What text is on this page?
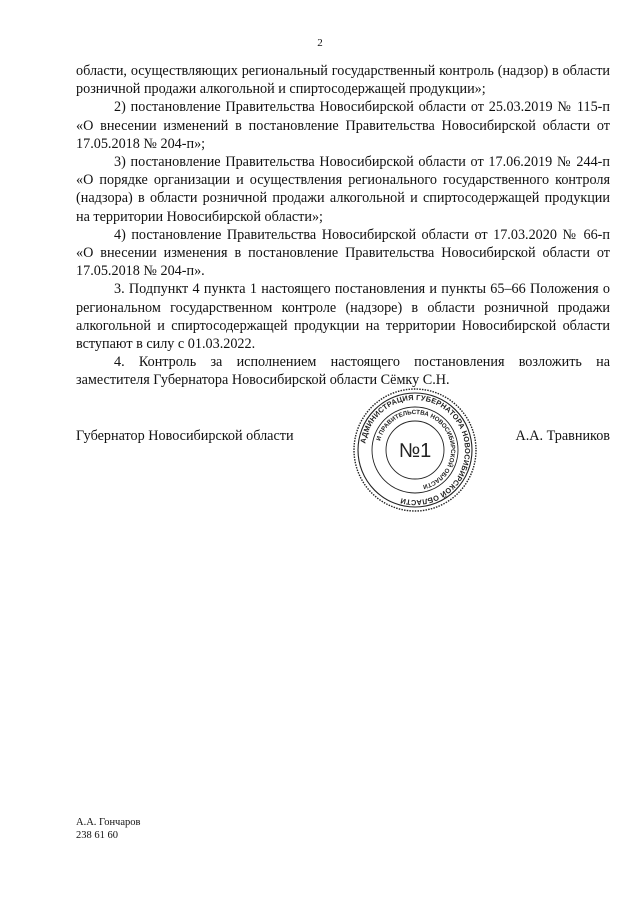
2

области, осуществляющих региональный государственный контроль (надзор) в области розничной продажи алкогольной и спиртосодержащей продукции»;

2) постановление Правительства Новосибирской области от 25.03.2019 № 115-п «О внесении изменений в постановление Правительства Новосибирской области от 17.05.2018 № 204-п»;

3) постановление Правительства Новосибирской области от 17.06.2019 № 244-п «О порядке организации и осуществления регионального государственного контроля (надзора) в области розничной продажи алкогольной и спиртосодержащей продукции на территории Новосибирской области»;

4) постановление Правительства Новосибирской области от 17.03.2020 № 66-п «О внесении изменения в постановление Правительства Новосибирской области от 17.05.2018 № 204-п».

3. Подпункт 4 пункта 1 настоящего постановления и пункты 65–66 Положения о региональном государственном контроле (надзоре) в области розничной продажи алкогольной и спиртосодержащей продукции на территории Новосибирской области вступают в силу с 01.03.2022.

4. Контроль за исполнением настоящего постановления возложить на заместителя Губернатора Новосибирской области Сёмку С.Н.

Губернатор Новосибирской области	А.А. Травников
АДМИНИСТРАЦИЯ ГУБЕРНАТОРА НОВОСИБИРСКОЙ ОБЛАСТИ
И ПРАВИТЕЛЬСТВА НОВОСИБИРСКОЙ ОБЛАСТИ
№1
А.А. Гончаров
238 61 60
